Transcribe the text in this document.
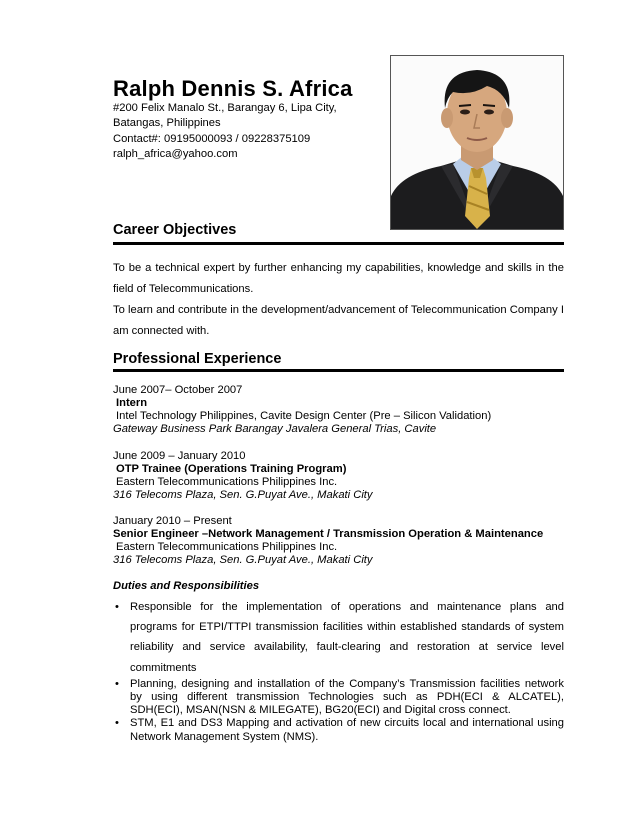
Ralph Dennis S. Africa
#200 Felix Manalo St., Barangay 6, Lipa City,
Batangas, Philippines
Contact#: 09195000093 / 09228375109
ralph_africa@yahoo.com
Career Objectives

To be a technical expert by further enhancing my capabilities, knowledge and skills in the field of Telecommunications.

To learn and contribute in the development/advancement of Telecommunication Company I am connected with.

Professional Experience
June 2007– October 2007
Intern
Intel Technology Philippines, Cavite Design Center (Pre – Silicon Validation)
Gateway Business Park Barangay Javalera General Trias, Cavite
June 2009 – January 2010
OTP Trainee (Operations Training Program)
Eastern Telecommunications Philippines Inc.
316 Telecoms Plaza, Sen. G.Puyat Ave., Makati City
January 2010 – Present
Senior Engineer –Network Management / Transmission Operation & Maintenance
Eastern Telecommunications Philippines Inc.
316 Telecoms Plaza, Sen. G.Puyat Ave., Makati City
Duties and Responsibilities
• Responsible for the implementation of operations and maintenance plans and programs for ETPI/TTPI transmission facilities within established standards of system reliability and service availability, fault-clearing and restoration at service level commitments
• Planning, designing and installation of the Company’s Transmission facilities network by using different transmission Technologies such as PDH(ECI & ALCATEL), SDH(ECI), MSAN(NSN & MILEGATE), BG20(ECI) and Digital cross connect.
• STM, E1 and DS3 Mapping and activation of new circuits local and international using Network Management System (NMS).
